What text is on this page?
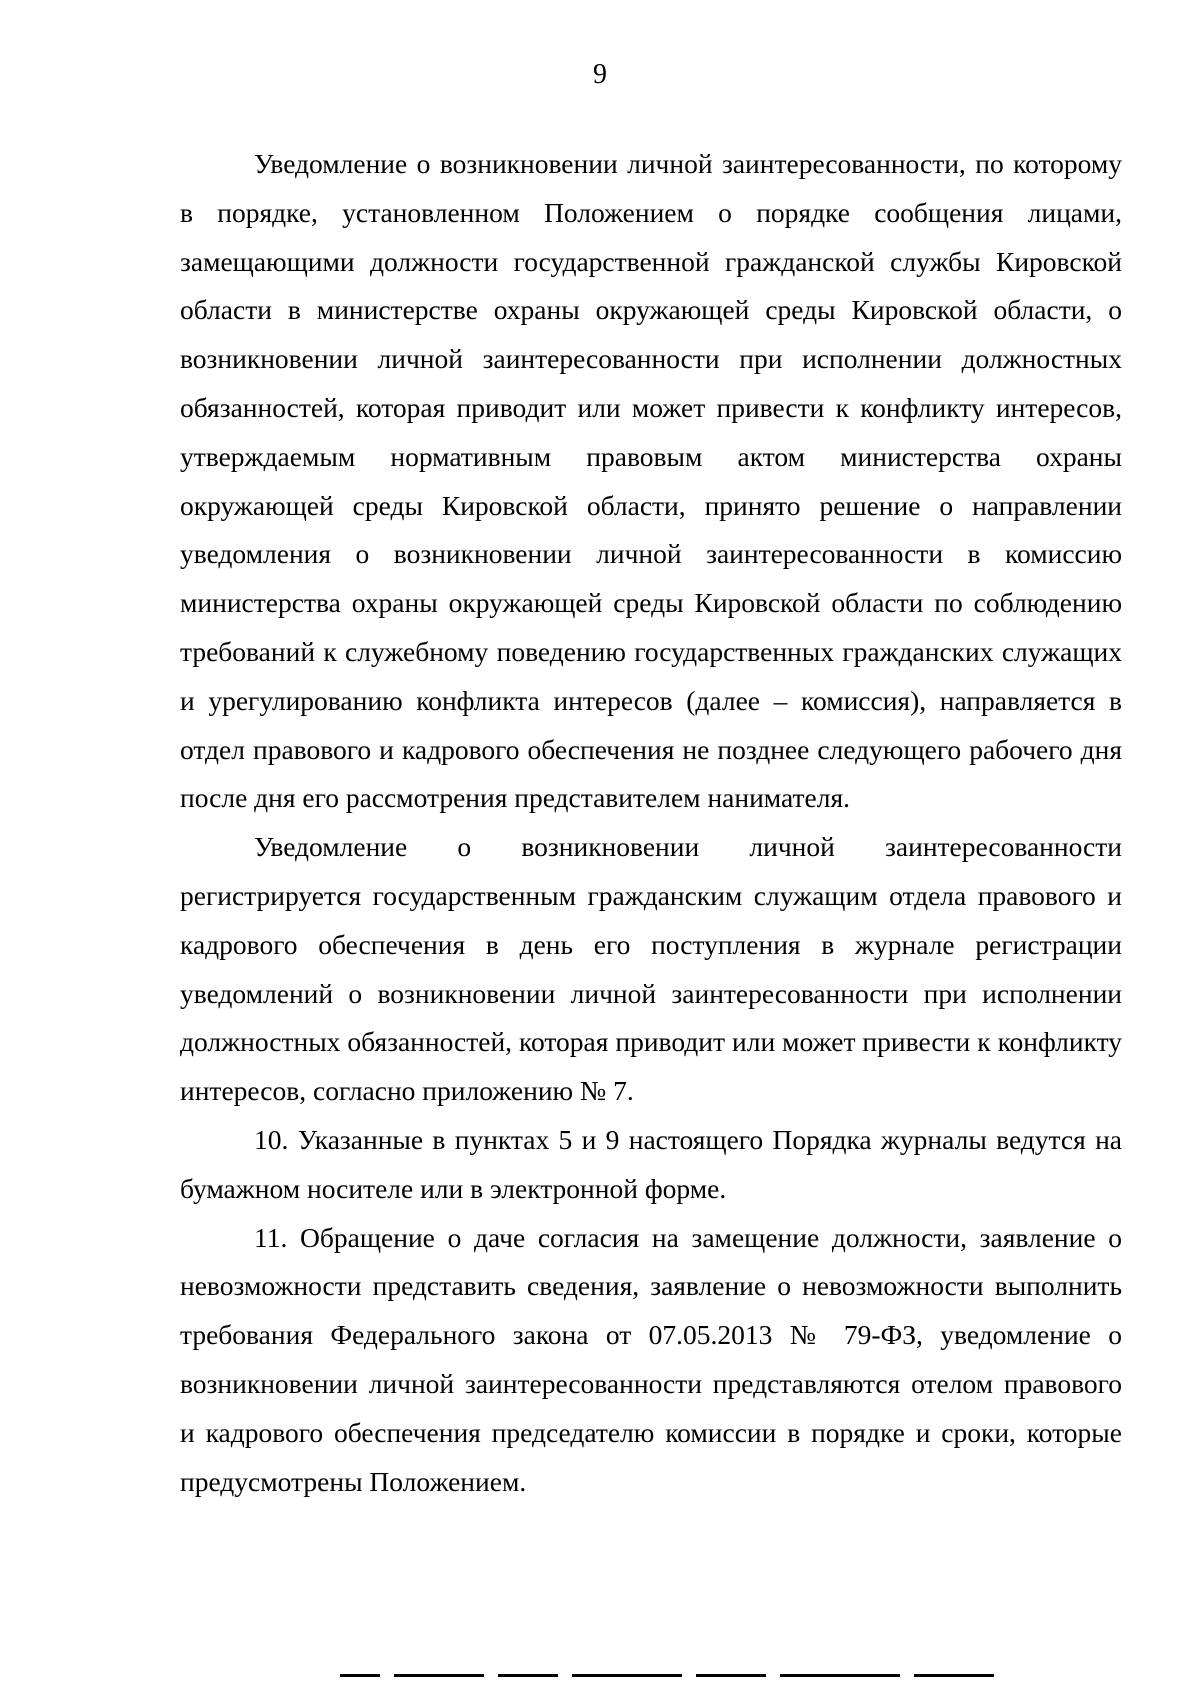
9

Уведомление о возникновении личной заинтересованности, по которому в порядке, установленном Положением о порядке сообщения лицами, замещающими должности государственной гражданской службы Кировской области в министерстве охраны окружающей среды Кировской области, о возникновении личной заинтересованности при исполнении должностных обязанностей, которая приводит или может привести к конфликту интересов, утверждаемым нормативным правовым актом министерства охраны окружающей среды Кировской области, принято решение о направлении уведомления о возникновении личной заинтересованности в комиссию министерства охраны окружающей среды Кировской области по соблюдению требований к служебному поведению государственных гражданских служащих и урегулированию конфликта интересов (далее – комиссия), направляется в отдел правового и кадрового обеспечения не позднее следующего рабочего дня после дня его рассмотрения представителем нанимателя.

Уведомление о возникновении личной заинтересованности регистрируется государственным гражданским служащим отдела правового и кадрового обеспечения в день его поступления в журнале регистрации уведомлений о возникновении личной заинтересованности при исполнении должностных обязанностей, которая приводит или может привести к конфликту интересов, согласно приложению № 7.

10. Указанные в пунктах 5 и 9 настоящего Порядка журналы ведутся на бумажном носителе или в электронной форме.

11. Обращение о даче согласия на замещение должности, заявление о невозможности представить сведения, заявление о невозможности выполнить требования Федерального закона от 07.05.2013 № 79-ФЗ, уведомление о возникновении личной заинтересованности представляются отелом правового и кадрового обеспечения председателю комиссии в порядке и сроки, которые предусмотрены Положением.
